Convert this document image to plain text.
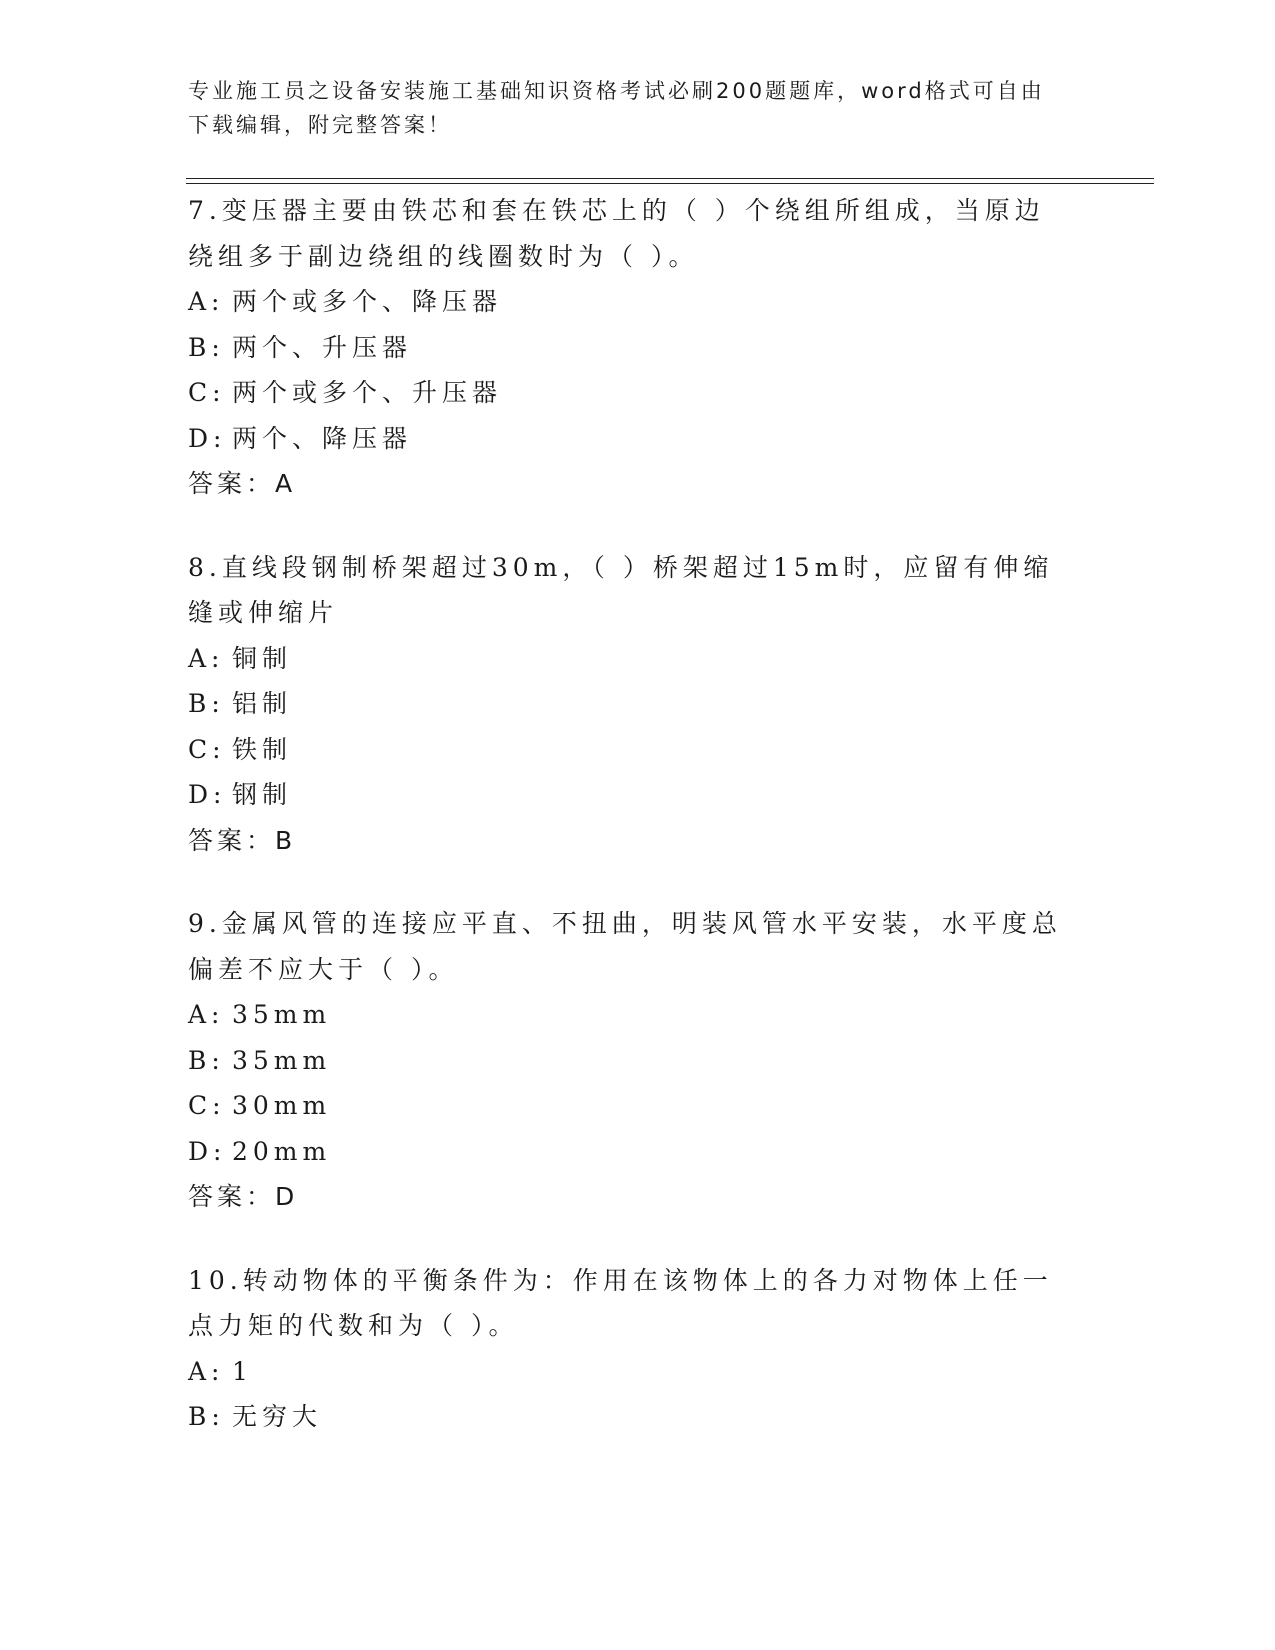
专业施工员之设备安装施工基础知识资格考试必刷200题题库，word格式可自由
下载编辑，附完整答案！

7.变压器主要由铁芯和套在铁芯上的（ ）个绕组所组成，当原边绕组多于副边绕组的线圈数时为（ ）。

A: 两个或多个、降压器
B: 两个、升压器
C: 两个或多个、升压器
D: 两个、降压器
答案：A

8.直线段钢制桥架超过30m，（ ）桥架超过15m时，应留有伸缩缝或伸缩片

A: 铜制
B: 铝制
C: 铁制
D: 钢制
答案：B

9.金属风管的连接应平直、不扭曲，明装风管水平安装，水平度总偏差不应大于（ ）。

A: 35mm
B: 35mm
C: 30mm
D: 20mm
答案：D

10.转动物体的平衡条件为：作用在该物体上的各力对物体上任一点力矩的代数和为（ ）。

A: 1
B: 无穷大
